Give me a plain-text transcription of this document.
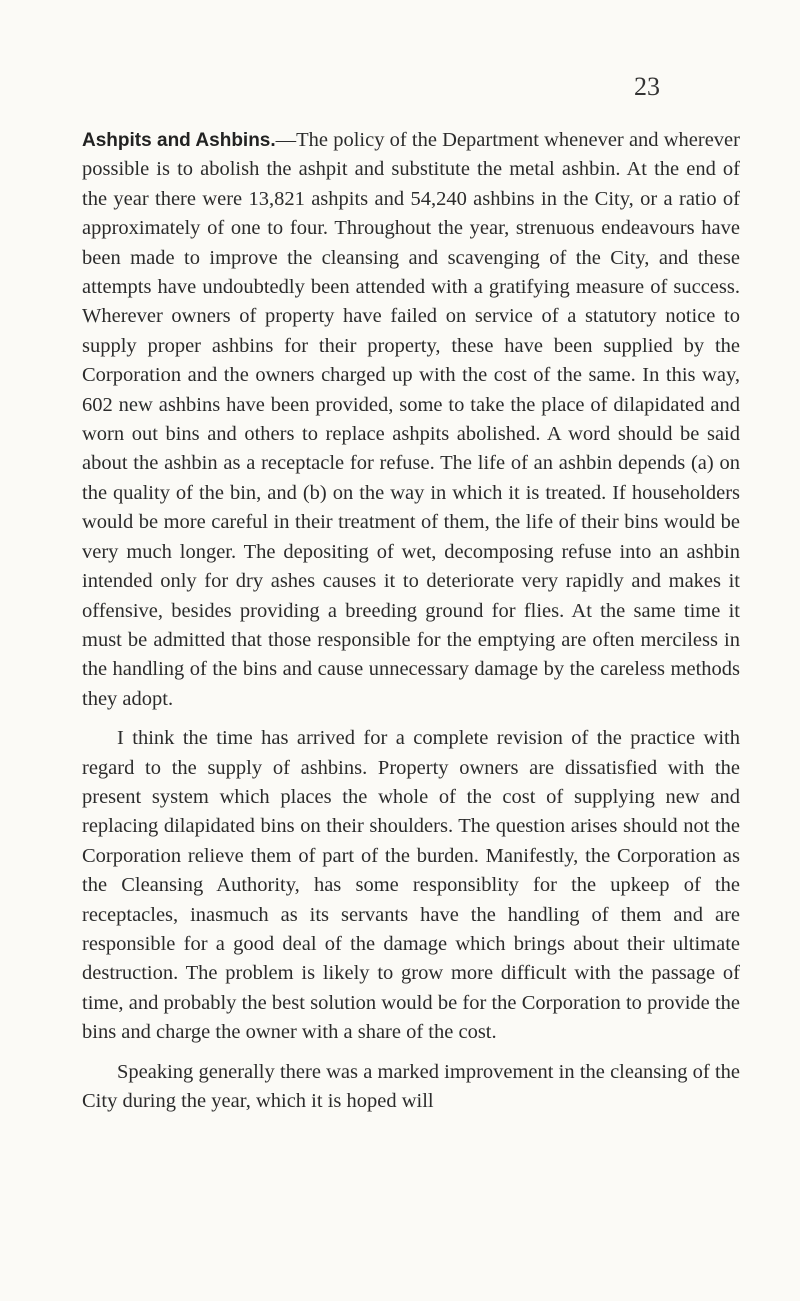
23

Ashpits and Ashbins.—The policy of the Department whenever and wherever possible is to abolish the ashpit and substitute the metal ashbin. At the end of the year there were 13,821 ashpits and 54,240 ashbins in the City, or a ratio of approximately of one to four. Throughout the year, strenuous endeavours have been made to improve the cleansing and scavenging of the City, and these attempts have undoubtedly been attended with a gratifying measure of success. Wherever owners of property have failed on service of a statutory notice to supply proper ashbins for their property, these have been supplied by the Corporation and the owners charged up with the cost of the same. In this way, 602 new ashbins have been provided, some to take the place of dilapidated and worn out bins and others to replace ashpits abolished. A word should be said about the ashbin as a receptacle for refuse. The life of an ashbin depends (a) on the quality of the bin, and (b) on the way in which it is treated. If householders would be more careful in their treatment of them, the life of their bins would be very much longer. The depositing of wet, decomposing refuse into an ashbin intended only for dry ashes causes it to deteriorate very rapidly and makes it offensive, besides providing a breeding ground for flies. At the same time it must be admitted that those responsible for the emptying are often merciless in the handling of the bins and cause unnecessary damage by the careless methods they adopt.

I think the time has arrived for a complete revision of the practice with regard to the supply of ashbins. Property owners are dissatisfied with the present system which places the whole of the cost of supplying new and replacing dilapidated bins on their shoulders. The question arises should not the Corporation relieve them of part of the burden. Manifestly, the Corporation as the Cleansing Authority, has some responsiblity for the upkeep of the receptacles, inasmuch as its servants have the handling of them and are responsible for a good deal of the damage which brings about their ultimate destruction. The problem is likely to grow more difficult with the passage of time, and probably the best solution would be for the Corporation to provide the bins and charge the owner with a share of the cost.

Speaking generally there was a marked improvement in the cleansing of the City during the year, which it is hoped will
